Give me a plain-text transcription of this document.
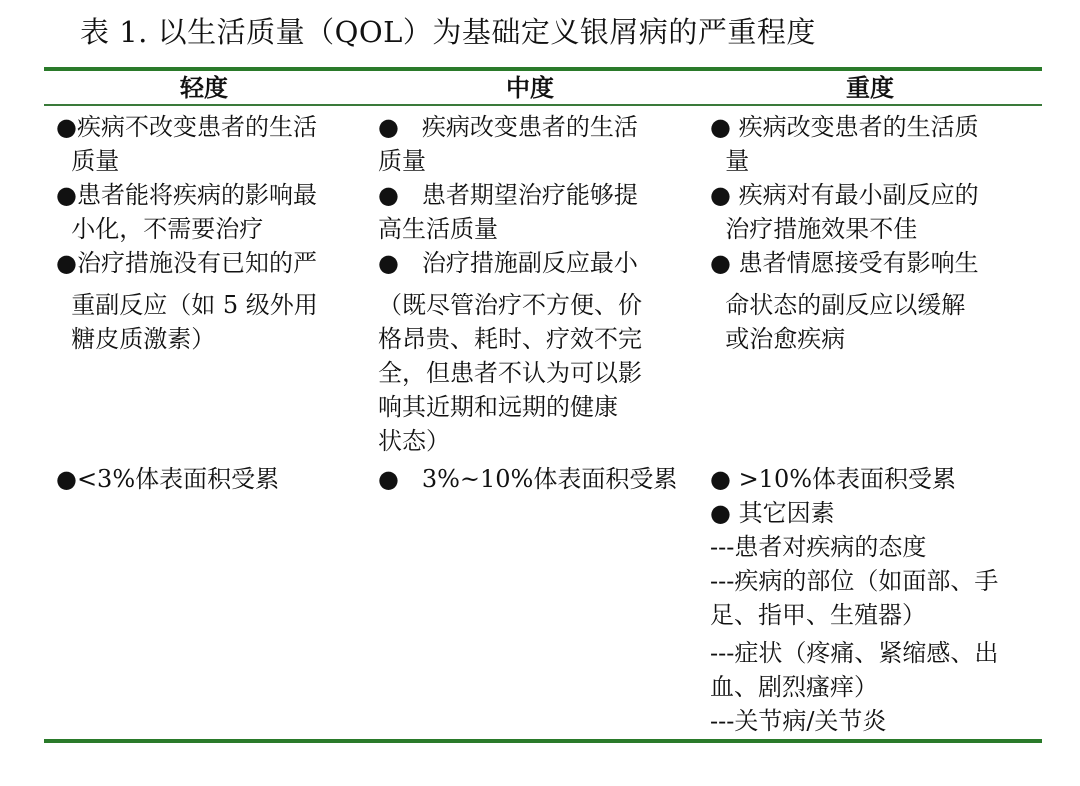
表 1. 以生活质量（QOL）为基础定义银屑病的严重程度
轻度	中度	重度
●疾病不改变患者的生活
质量
●患者能将疾病的影响最
小化，不需要治疗
●治疗措施没有已知的严
重副反应（如 5 级外用
糖皮质激素）
●<3%体表面积受累
●   疾病改变患者的生活
质量
●   患者期望治疗能够提
高生活质量
●   治疗措施副反应最小
（既尽管治疗不方便、价
格昂贵、耗时、疗效不完
全，但患者不认为可以影
响其近期和远期的健康
状态）
●   3%~10%体表面积受累
● 疾病改变患者的生活质
量
● 疾病对有最小副反应的
治疗措施效果不佳
● 患者情愿接受有影响生
命状态的副反应以缓解
或治愈疾病
● >10%体表面积受累
● 其它因素
---患者对疾病的态度
---疾病的部位（如面部、手
足、指甲、生殖器）
---症状（疼痛、紧缩感、出
血、剧烈瘙痒）
---关节病/关节炎
